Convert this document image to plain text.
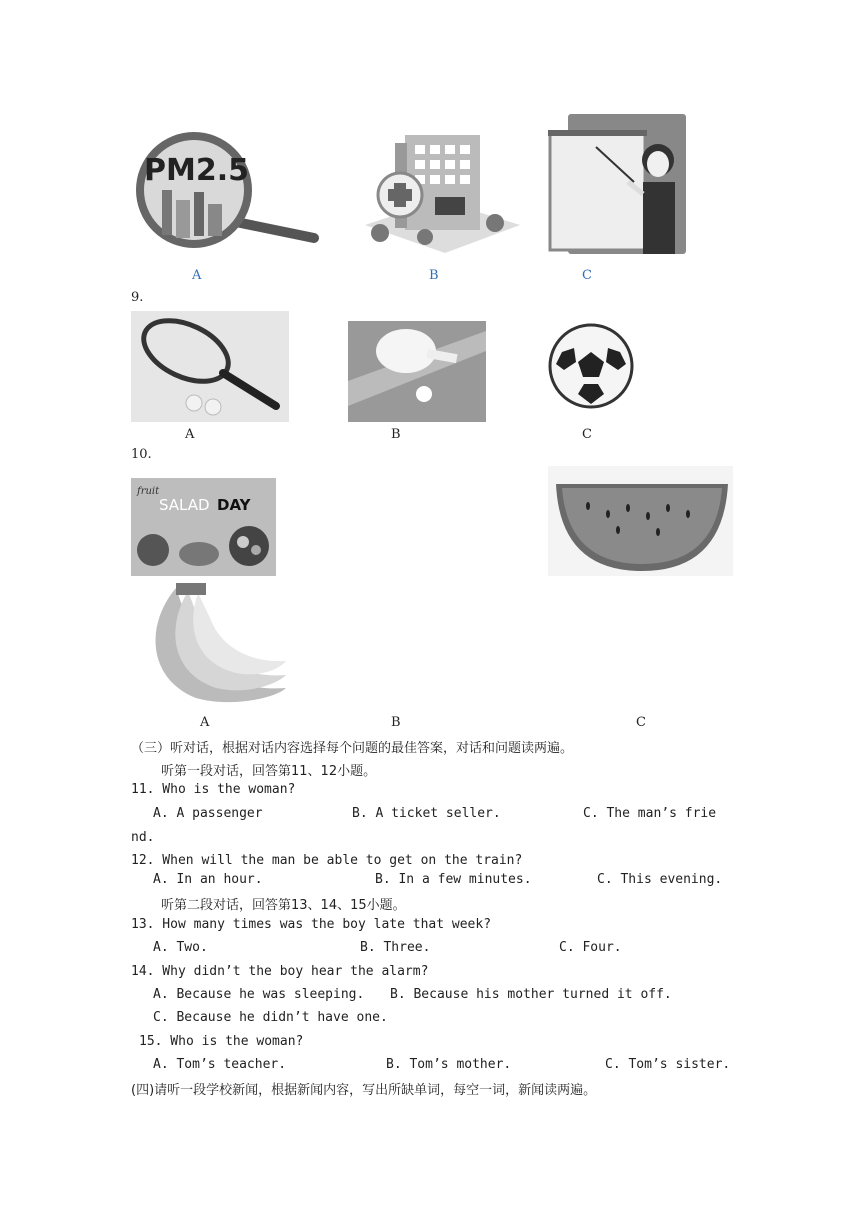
PM2.5
A	B	C
9.
A	B	C
10.
fruit
SALAD DAY
A	B	C
（三）听对话，根据对话内容选择每个问题的最佳答案，对话和问题读两遍。
听第一段对话，回答第11、12小题。
11. Who is the woman?
A. A passenger	B. A ticket seller.	C. The man’s frie
nd.
12. When will the man be able to get on the train?
A. In an hour.	B. In a few minutes.	C. This evening.
听第二段对话，回答第13、14、15小题。
13. How many times was the boy late that week?
A. Two.	B. Three.	C. Four.
14. Why didn’t the boy hear the alarm?
A. Because he was sleeping. B. Because his mother turned it off.
C. Because he didn’t have one.
15. Who is the woman?
A. Tom’s teacher.	B. Tom’s mother.	C. Tom’s sister.
(四)请听一段学校新闻，根据新闻内容，写出所缺单词，每空一词，新闻读两遍。
